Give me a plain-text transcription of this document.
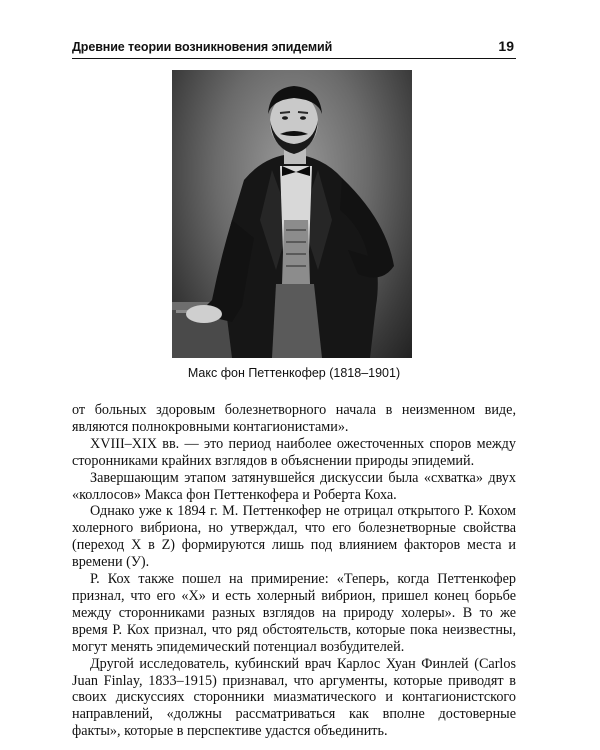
Древние теории возникновения эпидемий	19
Макс фон Петтенкофер (1818–1901)

от больных здоровым болезнетворного начала в неизменном виде, являются полнокровными контагионистами».

XVIII–XIX вв. — это период наиболее ожесточенных споров между сторонниками крайних взглядов в объяснении природы эпидемий.

Завершающим этапом затянувшейся дискуссии была «схватка» двух «коллосов» Макса фон Петтенкофера и Роберта Коха.

Однако уже к 1894 г. М. Петтенкофер не отрицал открытого Р. Кохом холерного вибриона, но утверждал, что его болезнетворные свойства (переход X в Z) формируются лишь под влиянием факторов места и времени (У).

Р. Кох также пошел на примирение: «Теперь, когда Петтенкофер признал, что его «X» и есть холерный вибрион, пришел конец борьбе между сторонниками разных взглядов на природу холеры». В то же время Р. Кох признал, что ряд обстоятельств, которые пока неизвестны, могут менять эпидемический потенциал возбудителей.

Другой исследователь, кубинский врач Карлос Хуан Финлей (Carlos Juan Finlay, 1833–1915) признавал, что аргументы, которые приводят в своих дискуссиях сторонники миазматического и контагионистского направлений, «должны рассматриваться как вполне достоверные факты», которые в перспективе удастся объединить.
